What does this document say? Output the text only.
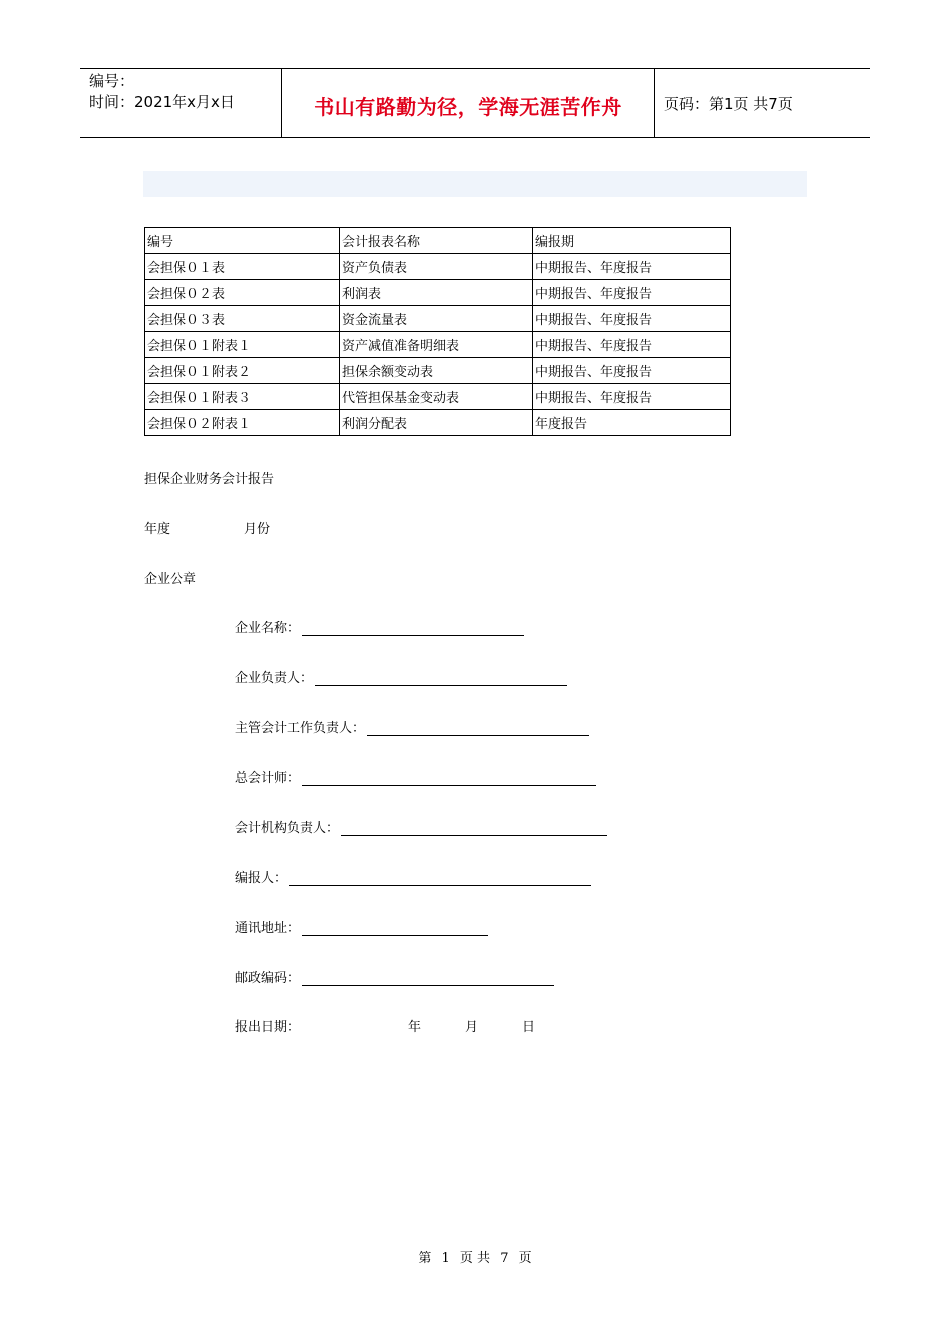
编号：
时间：2021年x月x日	书山有路勤为径，学海无涯苦作舟	页码：第1页 共7页
编号	会计报表名称	编报期
会担保０１表	资产负债表	中期报告、年度报告
会担保０２表	利润表	中期报告、年度报告
会担保０３表	资金流量表	中期报告、年度报告
会担保０１附表１	资产减值准备明细表	中期报告、年度报告
会担保０１附表２	担保余额变动表	中期报告、年度报告
会担保０１附表３	代管担保基金变动表	中期报告、年度报告
会担保０２附表１	利润分配表	年度报告
担保企业财务会计报告
年度	月份
企业公章
企业名称：
企业负责人：
主管会计工作负责人：
总会计师：
会计机构负责人：
编报人：
通讯地址：
邮政编码：
报出日期：	年	月	日
第 1 页 共 7 页
